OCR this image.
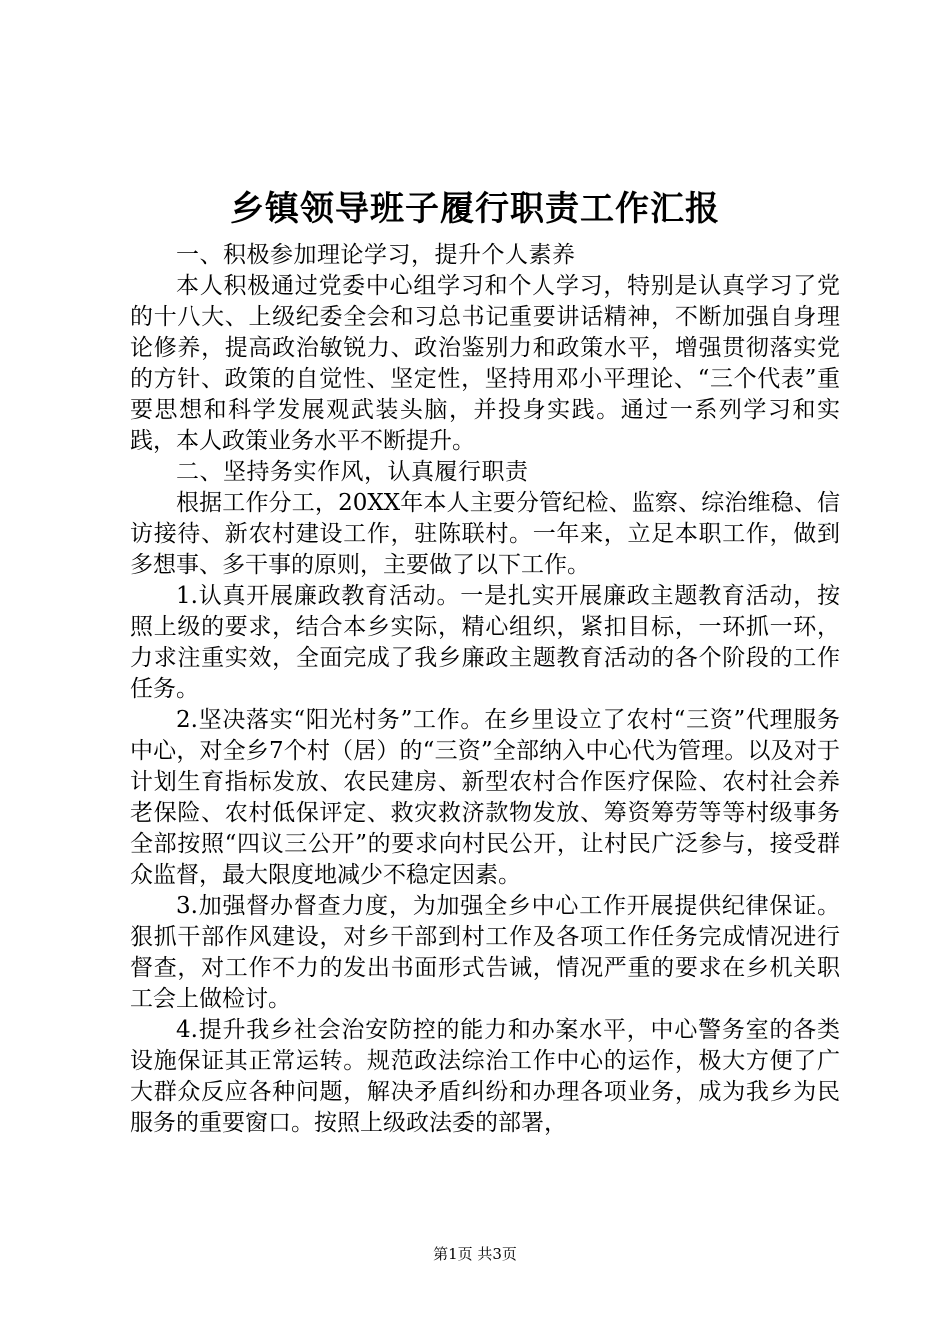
乡镇领导班子履行职责工作汇报

一、积极参加理论学习，提升个人素养

本人积极通过党委中心组学习和个人学习，特别是认真学习了党的十八大、上级纪委全会和习总书记重要讲话精神，不断加强自身理论修养，提高政治敏锐力、政治鉴别力和政策水平，增强贯彻落实党的方针、政策的自觉性、坚定性，坚持用邓小平理论、“三个代表”重要思想和科学发展观武装头脑，并投身实践。通过一系列学习和实践，本人政策业务水平不断提升。

二、坚持务实作风，认真履行职责

根据工作分工，20XX年本人主要分管纪检、监察、综治维稳、信访接待、新农村建设工作，驻陈联村。一年来，立足本职工作，做到多想事、多干事的原则，主要做了以下工作。

1.认真开展廉政教育活动。一是扎实开展廉政主题教育活动，按照上级的要求，结合本乡实际，精心组织，紧扣目标，一环抓一环，力求注重实效，全面完成了我乡廉政主题教育活动的各个阶段的工作任务。

2.坚决落实“阳光村务”工作。在乡里设立了农村“三资”代理服务中心，对全乡7个村（居）的“三资”全部纳入中心代为管理。以及对于计划生育指标发放、农民建房、新型农村合作医疗保险、农村社会养老保险、农村低保评定、救灾救济款物发放、筹资筹劳等等村级事务全部按照“四议三公开”的要求向村民公开，让村民广泛参与，接受群众监督，最大限度地减少不稳定因素。

3.加强督办督查力度，为加强全乡中心工作开展提供纪律保证。狠抓干部作风建设，对乡干部到村工作及各项工作任务完成情况进行督查，对工作不力的发出书面形式告诫，情况严重的要求在乡机关职工会上做检讨。

4.提升我乡社会治安防控的能力和办案水平，中心警务室的各类设施保证其正常运转。规范政法综治工作中心的运作，极大方便了广大群众反应各种问题，解决矛盾纠纷和办理各项业务，成为我乡为民服务的重要窗口。按照上级政法委的部署，

第1页 共3页
